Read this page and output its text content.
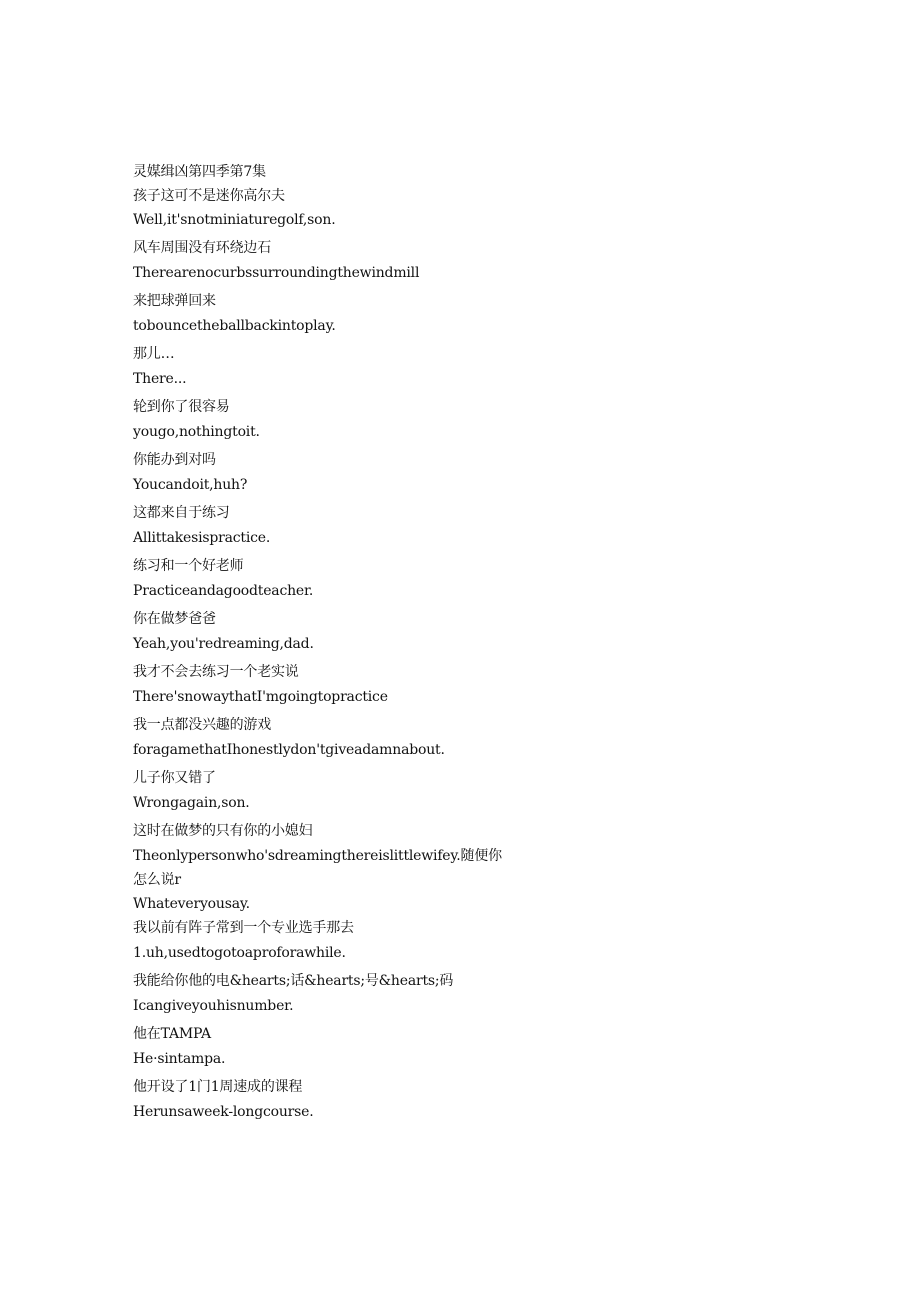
灵媒缉凶第四季第7集
孩子这可不是迷你高尔夫
Well,it'snotminiaturegolf,son.
风车周围没有环绕边石
Therearenocurbssurroundingthewindmill
来把球弹回来
tobouncetheballbackintoplay.
那儿…
There...
轮到你了很容易
yougo,nothingtoit.
你能办到对吗
Youcandoit,huh?
这都来自于练习
Allittakesispractice.
练习和一个好老师
Practiceandagoodteacher.
你在做梦爸爸
Yeah,you'redreaming,dad.
我才不会去练习一个老实说
There'snowaythatI'mgoingtopractice
我一点都没兴趣的游戏
foragamethatIhonestlydon'tgiveadamnabout.
儿子你又错了
Wrongagain,son.
这时在做梦的只有你的小媳妇
Theonlypersonwho'sdreamingthereislittlewifey.随便你
怎么说r
Whateveryousay.
我以前有阵子常到一个专业选手那去
1.uh,usedtogotoaproforawhile.
我能给你他的电&hearts;话&hearts;号&hearts;码
Icangiveyouhisnumber.
他在TAMPA
He·sintampa.
他开设了1门1周速成的课程
Herunsaweek-longcourse.
